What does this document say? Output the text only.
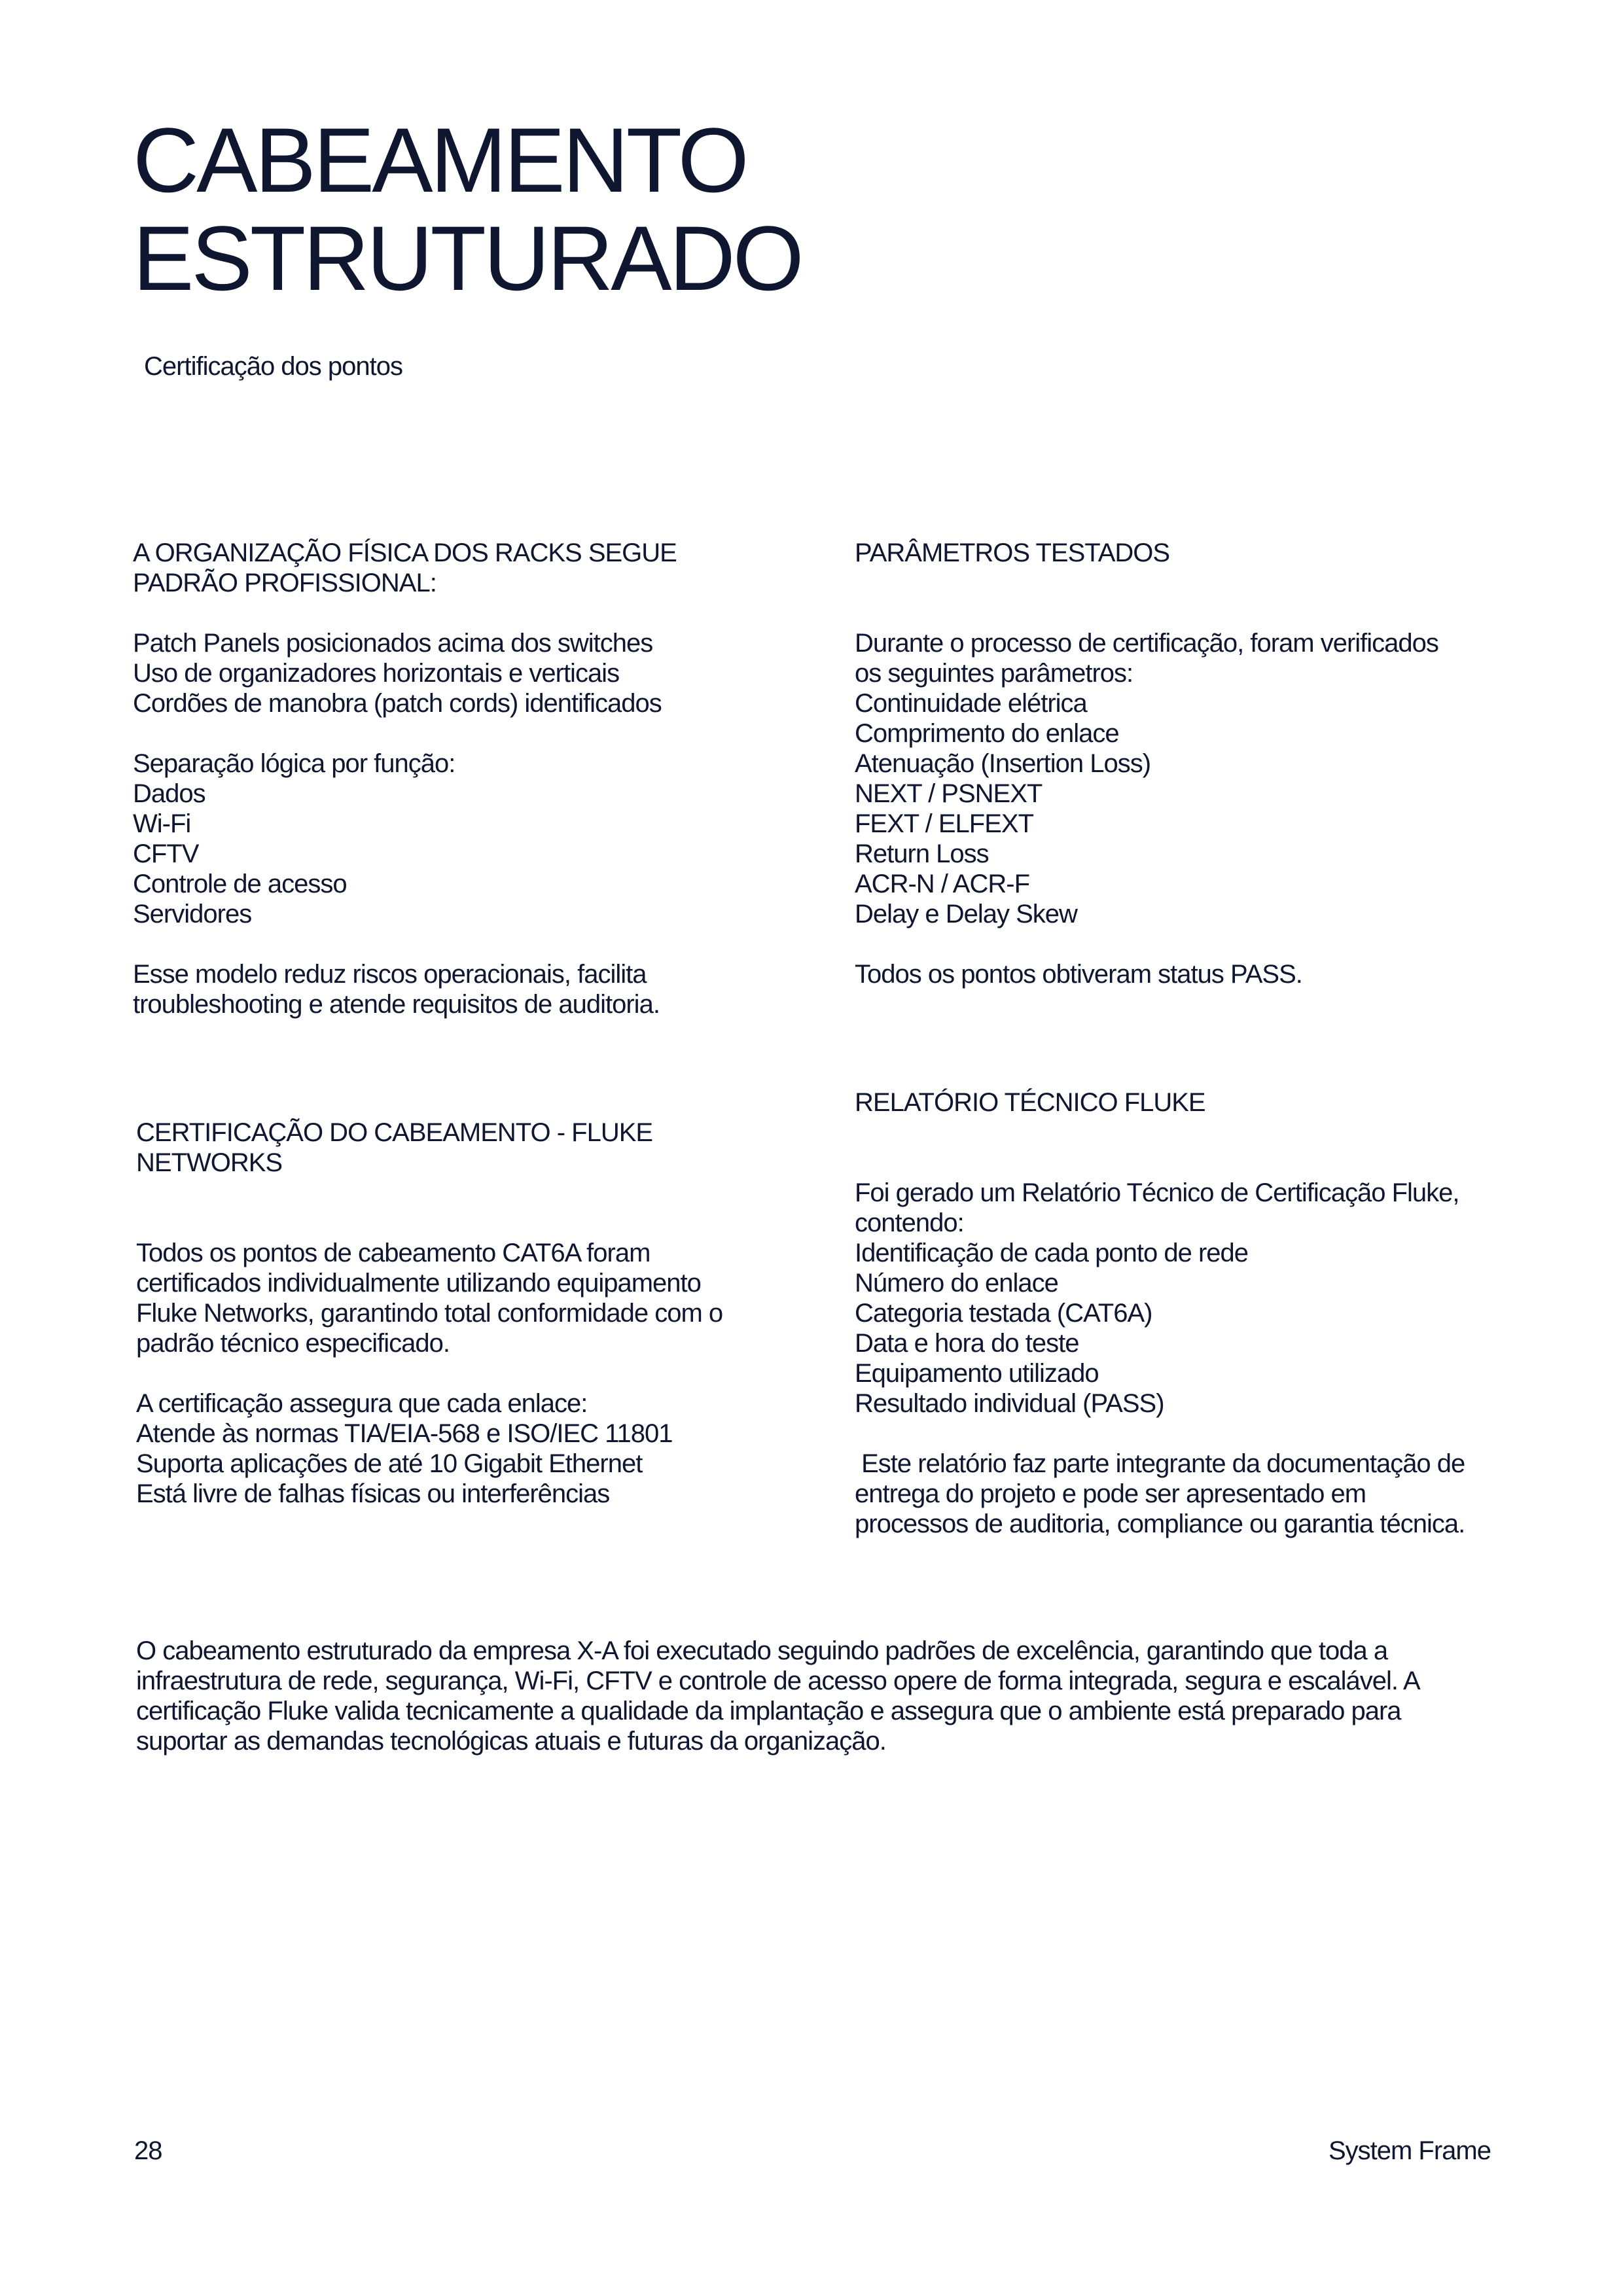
CABEAMENTO
ESTRUTURADO
Certificação dos pontos
A ORGANIZAÇÃO FÍSICA DOS RACKS SEGUE
PADRÃO PROFISSIONAL:
Patch Panels posicionados acima dos switches
Uso de organizadores horizontais e verticais
Cordões de manobra (patch cords) identificados
Separação lógica por função:
Dados
Wi-Fi
CFTV
Controle de acesso
Servidores
Esse modelo reduz riscos operacionais, facilita
troubleshooting e atende requisitos de auditoria.
PARÂMETROS TESTADOS
Durante o processo de certificação, foram verificados
os seguintes parâmetros:
Continuidade elétrica
Comprimento do enlace
Atenuação (Insertion Loss)
NEXT / PSNEXT
FEXT / ELFEXT
Return Loss
ACR-N / ACR-F
Delay e Delay Skew
Todos os pontos obtiveram status PASS.
CERTIFICAÇÃO DO CABEAMENTO - FLUKE
NETWORKS
Todos os pontos de cabeamento CAT6A foram
certificados individualmente utilizando equipamento
Fluke Networks, garantindo total conformidade com o
padrão técnico especificado.
A certificação assegura que cada enlace:
Atende às normas TIA/EIA-568 e ISO/IEC 11801
Suporta aplicações de até 10 Gigabit Ethernet
Está livre de falhas físicas ou interferências
RELATÓRIO TÉCNICO FLUKE
Foi gerado um Relatório Técnico de Certificação Fluke,
contendo:
Identificação de cada ponto de rede
Número do enlace
Categoria testada (CAT6A)
Data e hora do teste
Equipamento utilizado
Resultado individual (PASS)
Este relatório faz parte integrante da documentação de
entrega do projeto e pode ser apresentado em
processos de auditoria, compliance ou garantia técnica.
O cabeamento estruturado da empresa X-A foi executado seguindo padrões de excelência, garantindo que toda a
infraestrutura de rede, segurança, Wi-Fi, CFTV e controle de acesso opere de forma integrada, segura e escalável. A
certificação Fluke valida tecnicamente a qualidade da implantação e assegura que o ambiente está preparado para
suportar as demandas tecnológicas atuais e futuras da organização.
28	System Frame
